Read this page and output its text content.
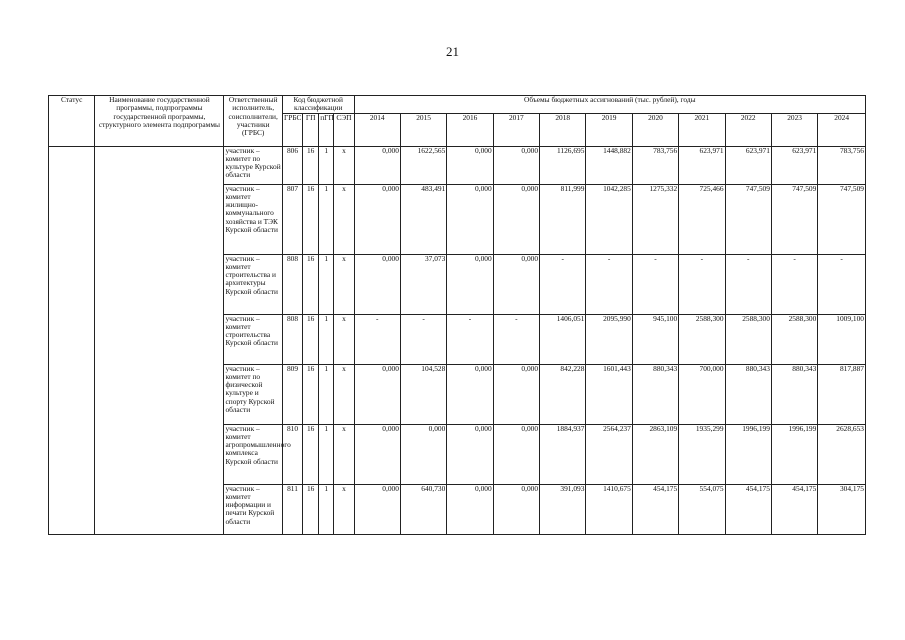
21
Статус	Наименование государственной программы, подпрограммы государственной программы, структурного элемента подпрограммы	Ответственный исполнитель, соисполнители, участники (ГРБС)	Код бюджетной классификации				Объемы бюджетных ассигнований (тыс. рублей), годы										
			ГРБС	ГП	пГП	СЭП	2014	2015	2016	2017	2018	2019	2020	2021	2022	2023	2024
		участник – комитет по культуре Курской области	806	16	1	x	0,000	1622,565	0,000	0,000	1126,695	1448,882	783,756	623,971	623,971	623,971	783,756
		участник – комитет жилищно-коммунального хозяйства и ТЭК Курской области	807	16	1	x	0,000	483,491	0,000	0,000	811,999	1042,285	1275,332	725,466	747,509	747,509	747,509
		участник – комитет строительства и архитектуры Курской области	808	16	1	x	0,000	37,073	0,000	0,000	-	-	-	-	-	-	-
		участник – комитет строительства Курской области	808	16	1	x	-	-	-	-	1406,051	2095,990	945,100	2588,300	2588,300	2588,300	1009,100
		участник – комитет по физической культуре и спорту Курской области	809	16	1	x	0,000	104,528	0,000	0,000	842,228	1601,443	880,343	700,000	880,343	880,343	817,887
		участник – комитет агропромышленного комплекса Курской области	810	16	1	x	0,000	0,000	0,000	0,000	1884,937	2564,237	2863,109	1935,299	1996,199	1996,199	2628,653
		участник – комитет информации и печати Курской области	811	16	1	x	0,000	640,730	0,000	0,000	391,093	1410,675	454,175	554,075	454,175	454,175	304,175
